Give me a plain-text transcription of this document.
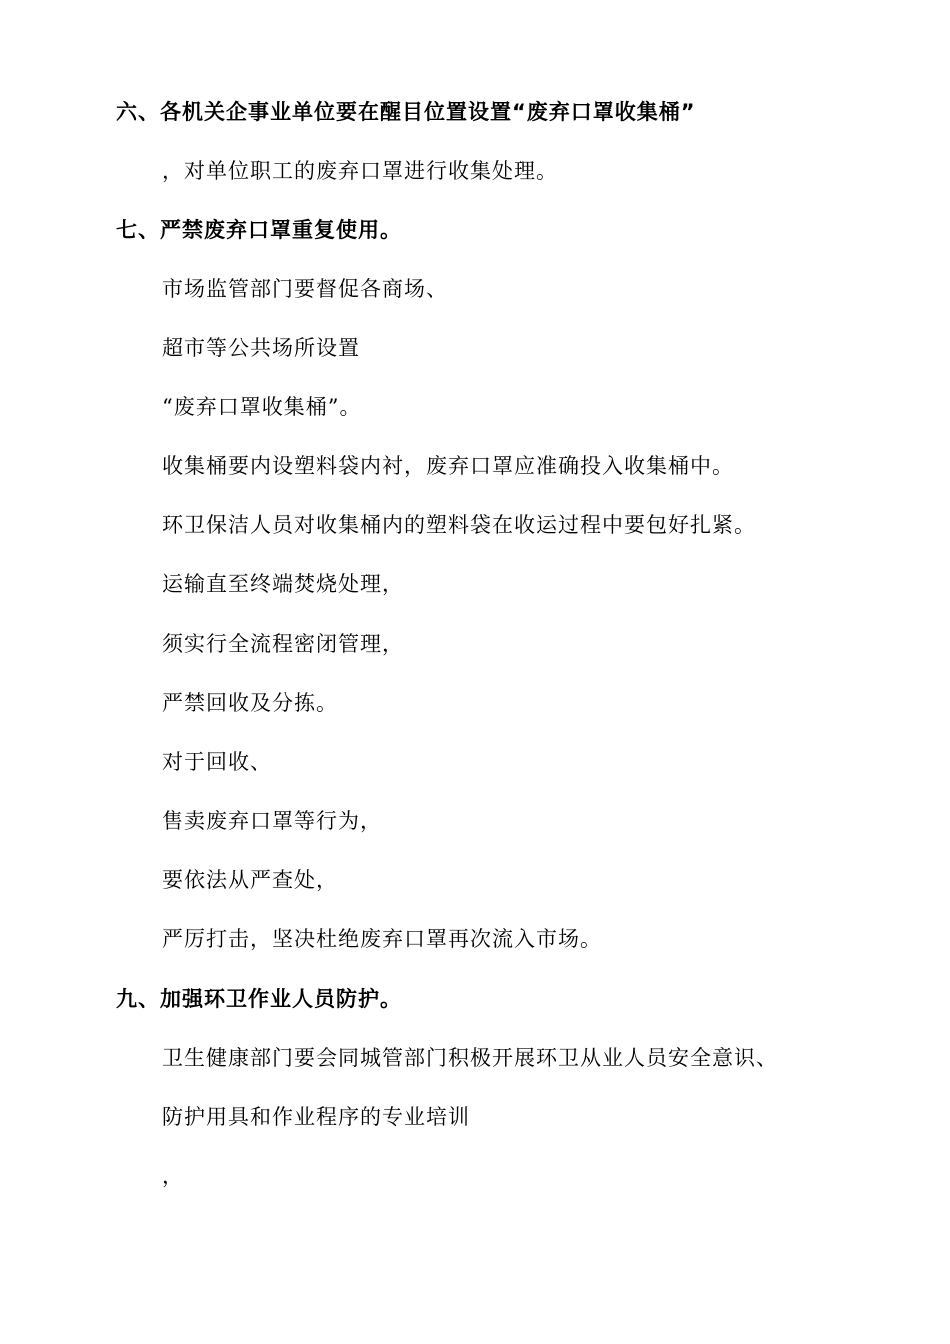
六、各机关企事业单位要在醒目位置设置“废弃口罩收集桶”
，对单位职工的废弃口罩进行收集处理。
七、严禁废弃口罩重复使用。
市场监管部门要督促各商场、
超市等公共场所设置
“废弃口罩收集桶”。
收集桶要内设塑料袋内衬，废弃口罩应准确投入收集桶中。
环卫保洁人员对收集桶内的塑料袋在收运过程中要包好扎紧。
运输直至终端焚烧处理，
须实行全流程密闭管理，
严禁回收及分拣。
对于回收、
售卖废弃口罩等行为，
要依法从严查处，
严厉打击，坚决杜绝废弃口罩再次流入市场。
九、加强环卫作业人员防护。
卫生健康部门要会同城管部门积极开展环卫从业人员安全意识、
防护用具和作业程序的专业培训
，
